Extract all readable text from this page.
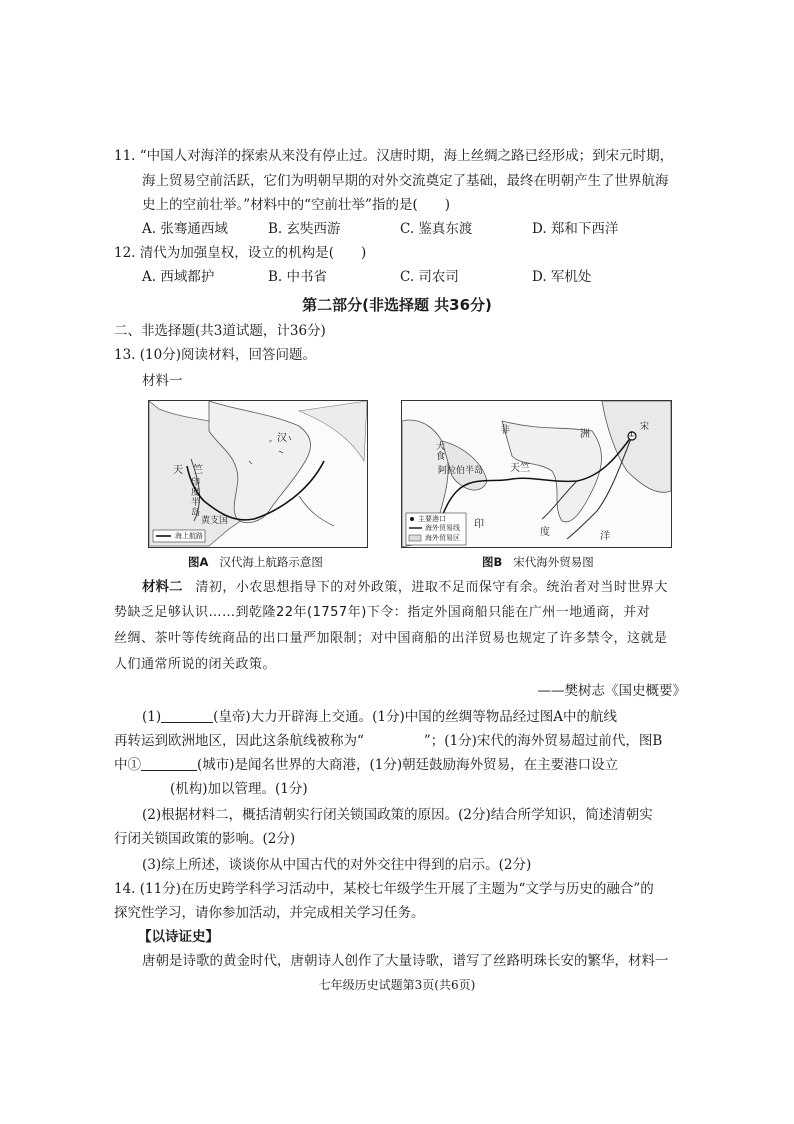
11. “中国人对海洋的探索从来没有停止过。汉唐时期，海上丝绸之路已经形成；到宋元时期，
海上贸易空前活跃，它们为明朝早期的对外交流奠定了基础，最终在明朝产生了世界航海
史上的空前壮举。”材料中的“空前壮举”指的是(　　)
A. 张骞通西域	B. 玄奘西游	C. 鉴真东渡	D. 郑和下西洋
12. 清代为加强皇权，设立的机构是(　　)
A. 西域都护	B. 中书省	C. 司农司	D. 军机处
第二部分(非选择题 共36分)
二、非选择题(共3道试题，计36分)
13. (10分)阅读材料，回答问题。
材料一
汉
天　竺
印
度
半
岛
黄支国
海上航路
图A 汉代海上航路示意图
非	洲
天竺
阿拉伯半岛
印
度	洋
①
宋
大
食
主要港口
海外贸易线
海外贸易区
图B 宋代海外贸易图
材料二 清初，小农思想指导下的对外政策，进取不足而保守有余。统治者对当时世界大
势缺乏足够认识……到乾隆22年(1757年)下令：指定外国商船只能在广州一地通商，并对
丝绸、茶叶等传统商品的出口量严加限制；对中国商船的出洋贸易也规定了许多禁令，这就是
人们通常所说的闭关政策。
——樊树志《国史概要》
(1)	(皇帝)大力开辟海上交通。(1分)中国的丝绸等物品经过图A中的航线
再转运到欧洲地区，因此这条航线被称为“	”；(1分)宋代的海外贸易超过前代，图B
中①	(城市)是闻名世界的大商港，(1分)朝廷鼓励海外贸易，在主要港口设立
(机构)加以管理。(1分)
(2)根据材料二，概括清朝实行闭关锁国政策的原因。(2分)结合所学知识，简述清朝实
行闭关锁国政策的影响。(2分)
(3)综上所述，谈谈你从中国古代的对外交往中得到的启示。(2分)
14. (11分)在历史跨学科学习活动中，某校七年级学生开展了主题为“文学与历史的融合”的
探究性学习，请你参加活动，并完成相关学习任务。
【以诗证史】
唐朝是诗歌的黄金时代，唐朝诗人创作了大量诗歌，谱写了丝路明珠长安的繁华，材料一
七年级历史试题第3页(共6页)
